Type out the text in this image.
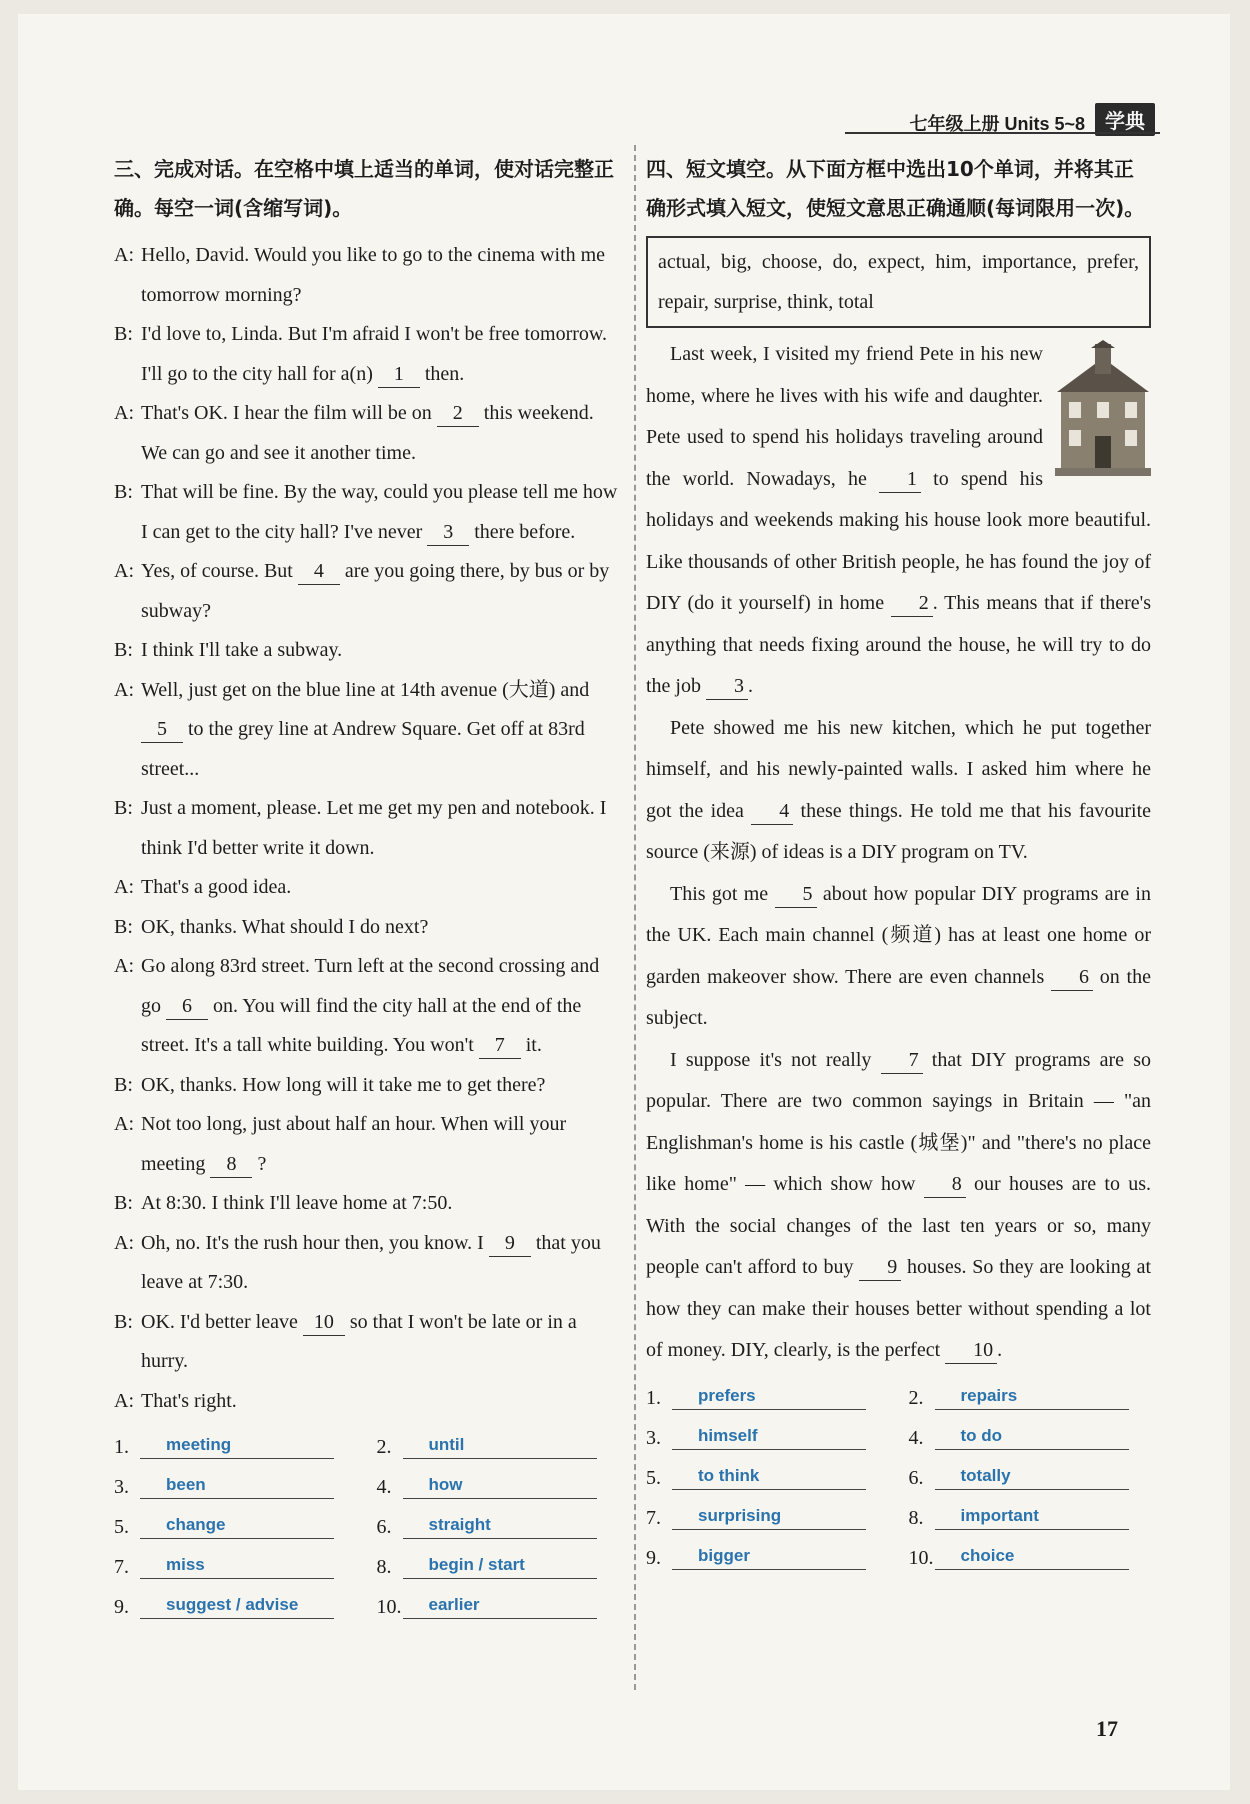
七年级上册 Units 5~8	学典
三、完成对话。在空格中填上适当的单词，使对话完整正确。每空一词(含缩写词)。
A: Hello, David. Would you like to go to the cinema with me tomorrow morning?
B: I'd love to, Linda. But I'm afraid I won't be free tomorrow. I'll go to the city hall for a(n) 1 then.
A: That's OK. I hear the film will be on 2 this weekend. We can go and see it another time.
B: That will be fine. By the way, could you please tell me how I can get to the city hall? I've never 3 there before.
A: Yes, of course. But 4 are you going there, by bus or by subway?
B: I think I'll take a subway.
A: Well, just get on the blue line at 14th avenue (大道) and 5 to the grey line at Andrew Square. Get off at 83rd street...
B: Just a moment, please. Let me get my pen and notebook. I think I'd better write it down.
A: That's a good idea.
B: OK, thanks. What should I do next?
A: Go along 83rd street. Turn left at the second crossing and go 6 on. You will find the city hall at the end of the street. It's a tall white building. You won't 7 it.
B: OK, thanks. How long will it take me to get there?
A: Not too long, just about half an hour. When will your meeting 8 ?
B: At 8:30. I think I'll leave home at 7:50.
A: Oh, no. It's the rush hour then, you know. I 9 that you leave at 7:30.
B: OK. I'd better leave 10 so that I won't be late or in a hurry.
A: That's right.
1.	meeting	2.	until
3.	been	4.	how
5.	change	6.	straight
7.	miss	8.	begin / start
9.	suggest / advise	10.	earlier
四、短文填空。从下面方框中选出10个单词，并将其正确形式填入短文，使短文意思正确通顺(每词限用一次)。
actual, big, choose, do, expect, him, importance, prefer, repair, surprise, think, total

Last week, I visited my friend Pete in his new home, where he lives with his wife and daughter. Pete used to spend his holidays traveling around the world. Nowadays, he 1 to spend his holidays and weekends making his house look more beautiful. Like thousands of other British people, he has found the joy of DIY (do it yourself) in home 2 . This means that if there's anything that needs fixing around the house, he will try to do the job 3 .

Pete showed me his new kitchen, which he put together himself, and his newly-painted walls. I asked him where he got the idea 4 these things. He told me that his favourite source (来源) of ideas is a DIY program on TV.

This got me 5 about how popular DIY programs are in the UK. Each main channel (频道) has at least one home or garden makeover show. There are even channels 6 on the subject.

I suppose it's not really 7 that DIY programs are so popular. There are two common sayings in Britain — "an Englishman's home is his castle (城堡)" and "there's no place like home" — which show how 8 our houses are to us. With the social changes of the last ten years or so, many people can't afford to buy 9 houses. So they are looking at how they can make their houses better without spending a lot of money. DIY, clearly, is the perfect 10 .

1.	prefers	2.	repairs
3.	himself	4.	to do
5.	to think	6.	totally
7.	surprising	8.	important
9.	bigger	10.	choice
17
